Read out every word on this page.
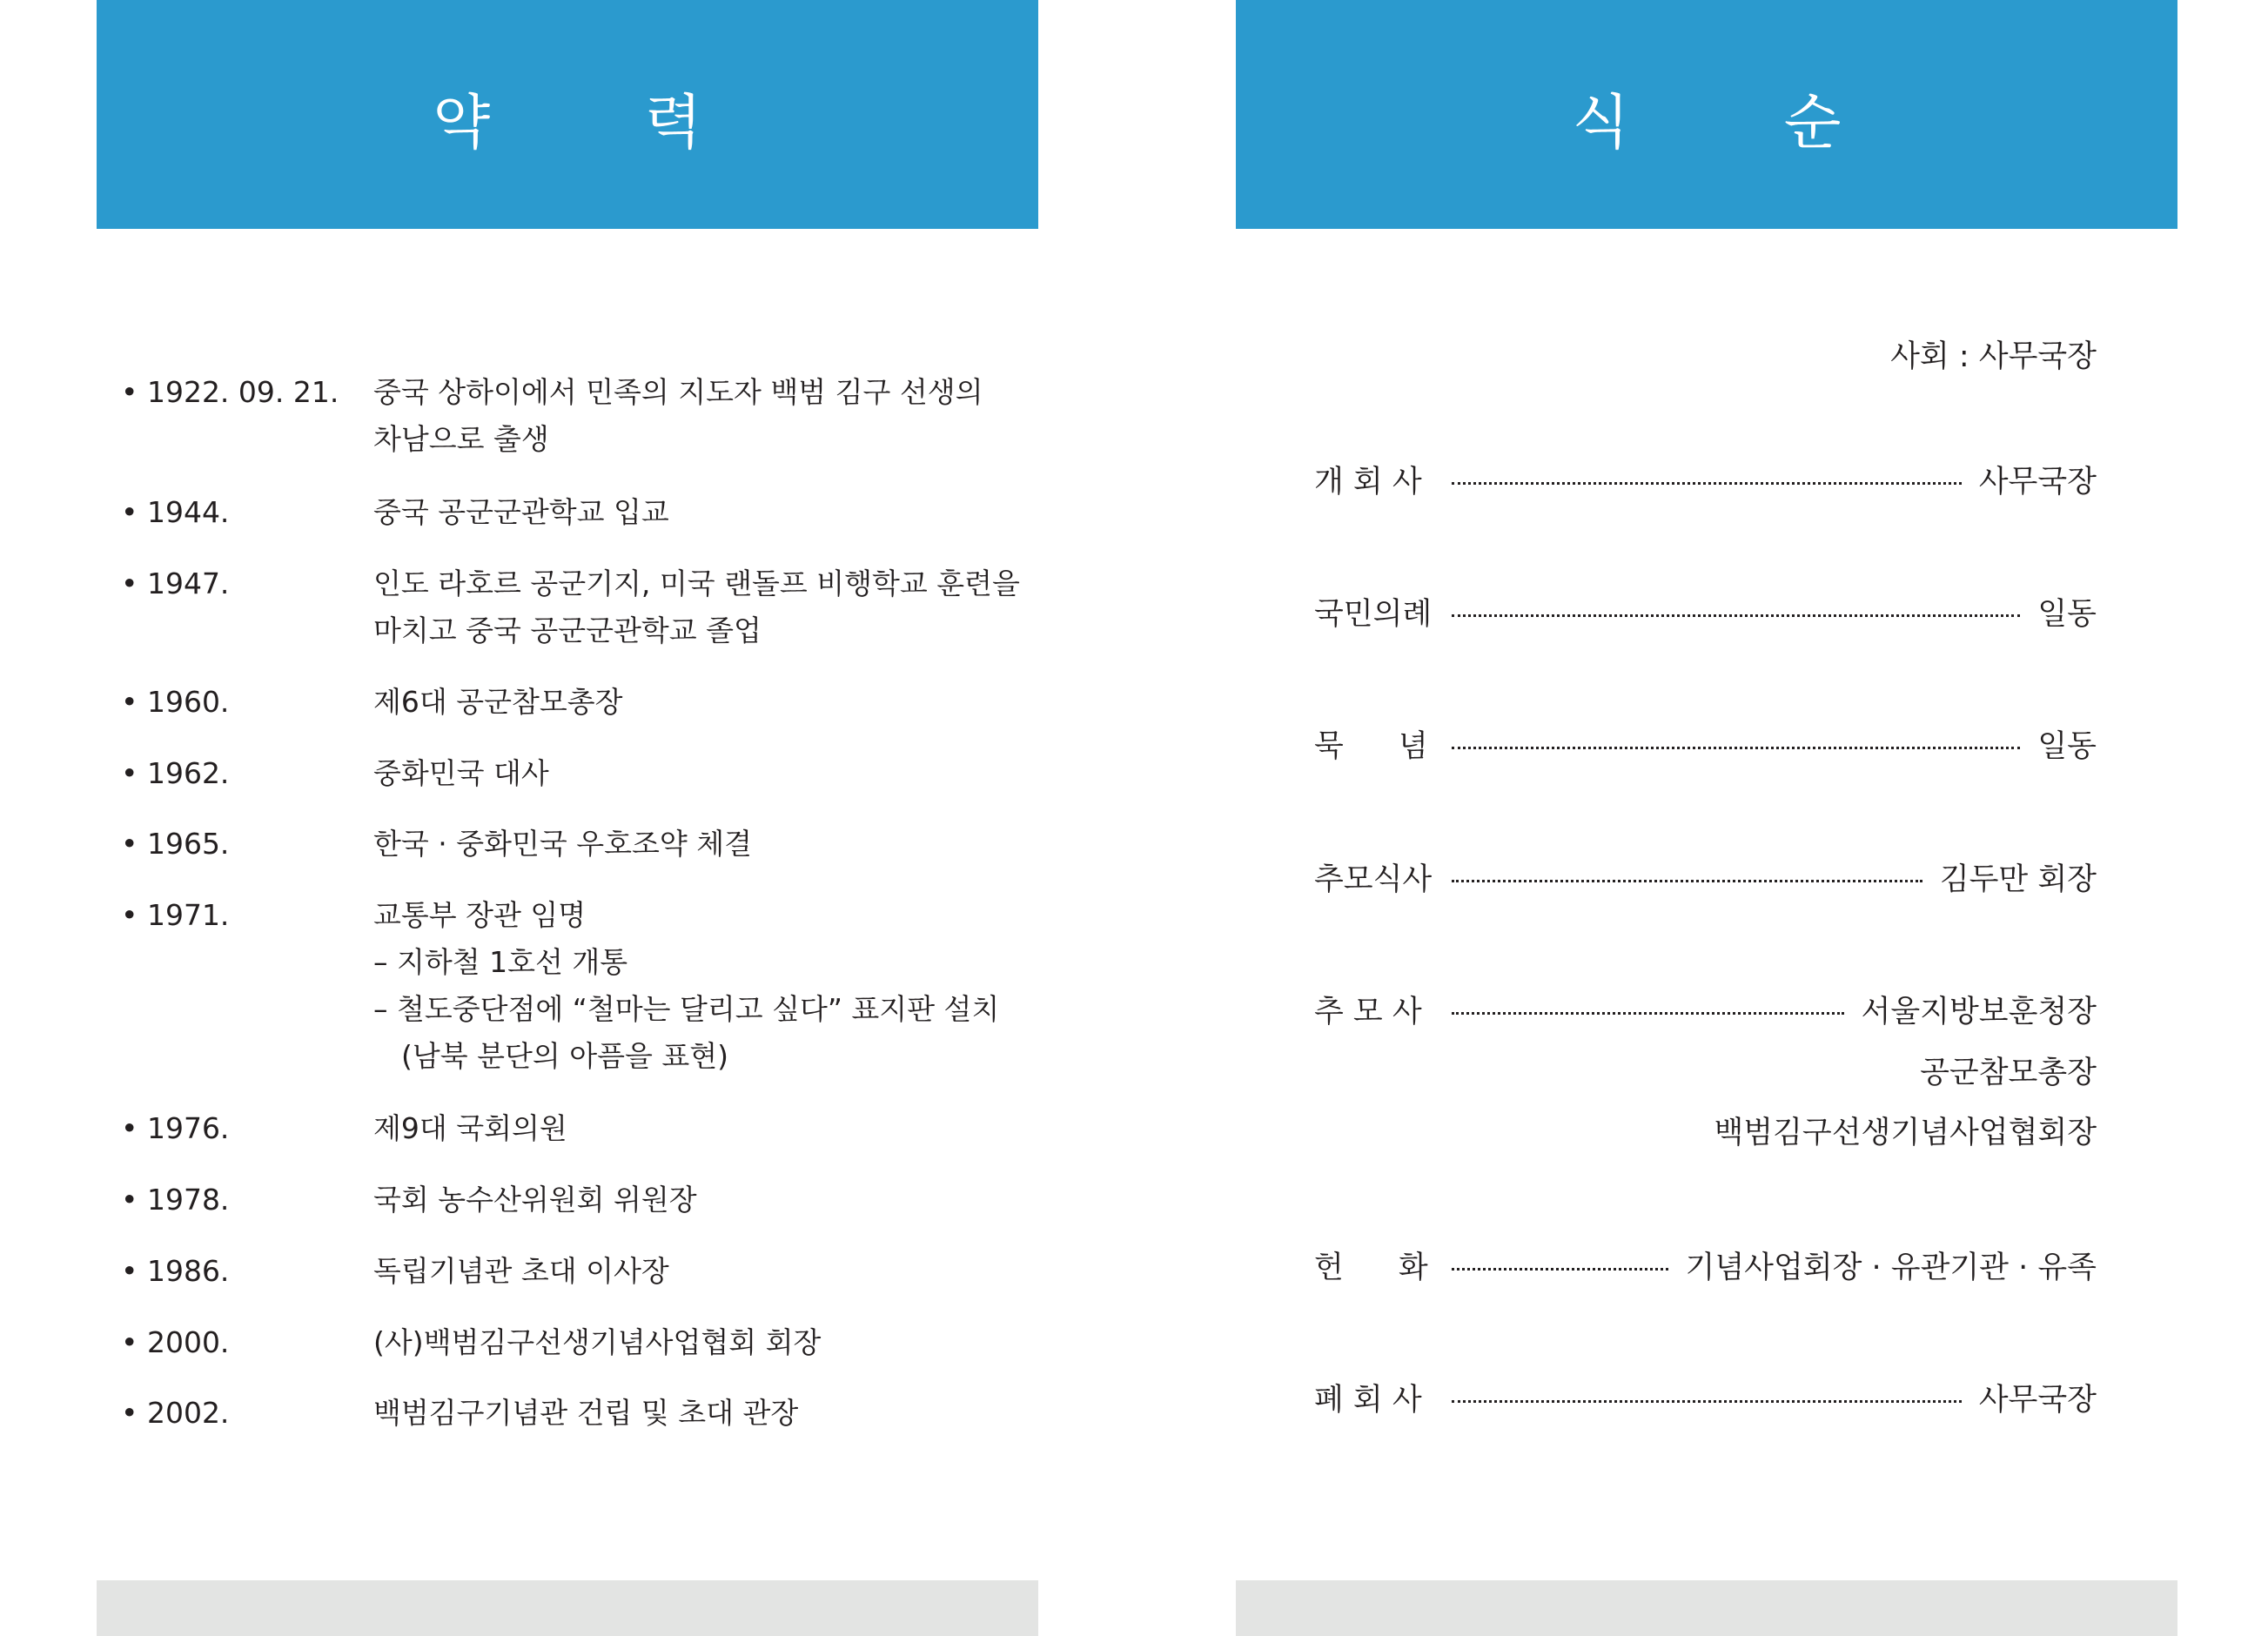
약 력
• 1922. 09. 21. 중국 상하이에서 민족의 지도자 백범 김구 선생의
차남으로 출생
• 1944.	중국 공군군관학교 입교
• 1947.	인도 라호르 공군기지, 미국 랜돌프 비행학교 훈련을
마치고 중국 공군군관학교 졸업
• 1960.	제6대 공군참모총장
• 1962.	중화민국 대사
• 1965.	한국 · 중화민국 우호조약 체결
• 1971.	교통부 장관 임명
– 지하철 1호선 개통
– 철도중단점에 “철마는 달리고 싶다” 표지판 설치
(남북 분단의 아픔을 표현)
• 1976.	제9대 국회의원
• 1978.	국회 농수산위원회 위원장
• 1986.	독립기념관 초대 이사장
• 2000.	(사)백범김구선생기념사업협회 회장
• 2002.	백범김구기념관 건립 및 초대 관장
식 순
사회 : 사무국장
개 회 사	사무국장
국민의례	일동
묵 념	일동
추모식사	김두만 회장
추 모 사	서울지방보훈청장
공군참모총장
백범김구선생기념사업협회장
헌 화	기념사업회장 · 유관기관 · 유족
폐 회 사	사무국장
